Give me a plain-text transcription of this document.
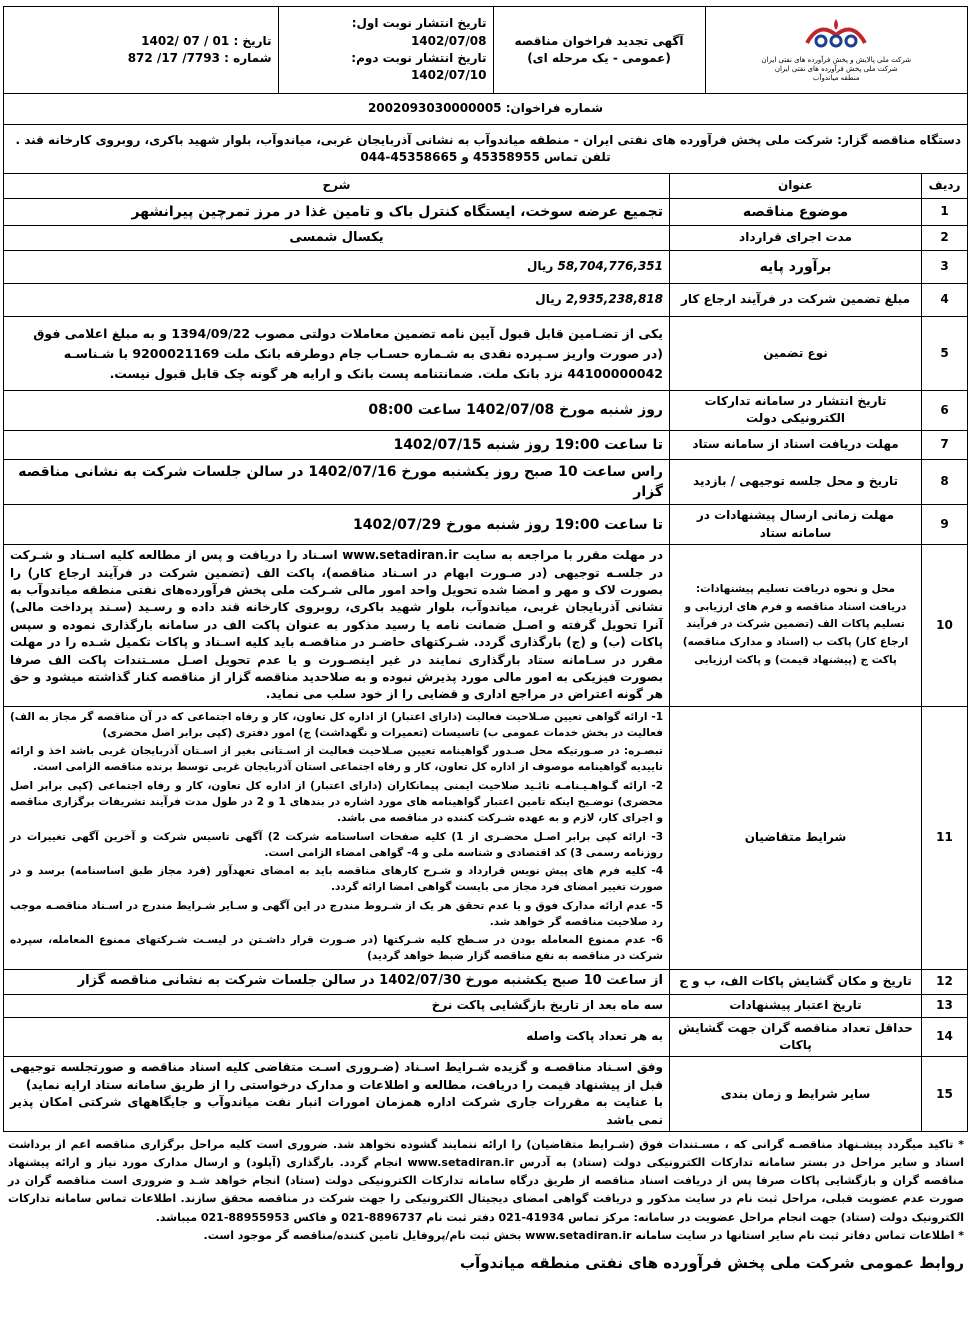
شرکت ملی پالایش و پخش فرآورده های نفتی ایران
شرکت ملی پخش فرآورده های نفتی ایران
منطقه میاندوآب

آگهی تجدید فراخوان مناقصه
(عمومی - یک مرحله ای)

تاریخ انتشار نوبت اول: 1402/07/08
تاریخ انتشار نوبت دوم: 1402/07/10

تاریخ : 1402/ 07 / 01
شماره : 872 /17 /7793

شماره فراخوان: 2002093030000005
دستگاه مناقصه گزار: شرکت ملی پخش فرآورده های نفتی ایران - منطقه میاندوآب به نشانی آذربایجان غربی، میاندوآب، بلوار شهید باکری، روبروی کارخانه قند .
تلفن تماس 45358955 و 45358665-044

ردیف	عنوان	شرح
1	موضوع مناقصه	تجمیع عرضه سوخت، ایستگاه کنترل باک و تامین غذا در مرز تمرچین پیرانشهر
2	مدت اجرای قرارداد	یکسال شمسی
3	برآورد پایه	58,704,776,351 ریال
4	مبلغ تضمین شرکت در فرآیند ارجاع کار	2,935,238,818 ریال
5	نوع تضمین	یکی از تضـامین قابل قبول آیین نامه تضمین معاملات دولتی مصوب 1394/09/22 و به مبلغ اعلامی فوق (در صورت واریز سـپرده نقدی به شـماره حسـاب جام دوطرفه بانک ملت 9200021169 با شـناسـه 44100000042 نزد بانک ملت. ضمانتنامه پست بانک و ارایه هر گونه چک قابل قبول نیست.
6	تاریخ انتشار در سامانه تدارکات الکترونیکی دولت	روز شنبه مورخ 1402/07/08 ساعت 08:00
7	مهلت دریافت اسناد از سامانه ستاد	تا ساعت 19:00 روز شنبه 1402/07/15
8	تاریخ و محل جلسه توجیهی / بازدید	راس ساعت 10 صبح روز یکشنبه مورخ 1402/07/16 در سالن جلسات شرکت به نشانی مناقصه گزار
9	مهلت زمانی ارسال پیشنهادات در سامانه ستاد	تا ساعت 19:00 روز شنبه مورخ 1402/07/29
10	محل و نحوه دریافت تسلیم پیشنهادات: دریافت اسناد مناقصه و فرم های ارزیابی و تسلیم پاکات الف (تضمین شرکت در فرآیند ارجاع کار) پاکت ب (اسناد و مدارک مناقصه) پاکت ج (پیشنهاد قیمت) و پاکت ارزیابی	در مهلت مقرر با مراجعه به سایت www.setadiran.ir اسـناد را دریافت و پس از مطالعه کلیه اسـناد و شـرکت در جلسـه توجیهی (در صـورت ابهام در اسـناد مناقصه)، پاکت الف (تضمین شرکت در فرآیند ارجاع کار) را بصورت لاک و مهر و امضا شده تحویل واحد امور مالی شـرکت ملی پخش فرآورده‌های نفتی منطقه میاندوآب به نشانی آذربایجان غربی، میاندوآب، بلوار شهید باکری، روبروی کارخانه قند داده و رسـید (سـند پرداخت مالی) آنرا تحویل گرفته و اصـل ضمانت نامه یا رسید مذکور به عنوان پاکت الف در سامانه بارگذاری نموده و سپس پاکات (ب) و (ج) بارگذاری گردد. شـرکتهای حاضـر در مناقصـه باید کلیه اسـناد و پاکات تکمیل شـده را در مهلت مقرر در سـامانه ستاد بارگذاری نمایند در غیر اینصـورت و یا عدم تحویل اصـل مسـتندات پاکت الف صرفا بصورت فیزیکی به امور مالی مورد پذیرش نبوده و به صلاحدید مناقصه گزار از مناقصه کنار گذاشته میشود و حق هر گونه اعتراض در مراجع اداری و قضایی را از خود سلب می نماید.
11	شرایط متقاضیان	

1- ارائه گواهی تعیین صـلاحیت فعالیت (دارای اعتبار) از اداره کل تعاون، کار و رفاه اجتماعی که در آن مناقصه گر مجاز به الف) فعالیت در بخش خدمات عمومی ب) تاسیسات (تعمیرات و نگهداشت) ج) امور دفتری (کپی برابر اصل محضری)

تبصـره: در صـورتیکه محل صـدور گواهینامه تعیین صـلاحیت فعالیت از اسـتانی بغیر از اسـتان آذربایجان غربی باشد اخذ و ارائه تاییدیه گواهینامه موصوف از اداره کل تعاون، کار و رفاه اجتماعی استان آذربایجان غربی توسط برنده مناقصه الزامی است.

2- ارائه گـواهـیـنامـه تائـید صلاحیت ایمنی پیمانکاران (دارای اعتبار) از اداره کل تعاون، کار و رفاه اجتماعی (کپی برابر اصل محضری) توضـیح اینکه تامین اعتبار گواهینامه های مورد اشاره در بندهای 1 و 2 در طول مدت فرآیند تشریفات برگزاری مناقصه و اجرای کار، لازم و به عهده شـرکت کننده در مناقصه می باشد.

3- ارائه کپی برابر اصـل محضـری از 1) کلیه صفحات اساسنامه شرکت 2) آگهی تاسیس شرکت و آخرین آگهی تغییرات در روزنامه رسمی 3) کد اقتصادی و شناسه ملی و 4- گواهی امضاء الزامی است.

4- کلیه فرم های پیش نویس قرارداد و شـرح کارهای مناقصه باید به امضای تعهدآور (فرد مجاز طبق اساسنامه) برسد و در صورت تغییر امضای فرد مجاز می بایست گواهی امضا ارائه گردد.

5- عدم ارائه مدارک فوق و یا عدم تحقق هر یک از شـروط مندرج در این آگهی و سـایر شـرایط مندرج در اسـناد مناقصـه موجب رد صلاحیت مناقصه گر خواهد شد.

6- عدم ممنوع المعامله بودن در سـطح کلیه شـرکتها (در صـورت قرار داشـتن در لیسـت شـرکتهای ممنوع المعامله، سپرده شرکت در مناقصه به نفع مناقصه گزار ضبط خواهد گردید)

12	تاریخ و مکان گشایش پاکات الف، ب و ج	از ساعت 10 صبح یکشنبه مورخ 1402/07/30 در سالن جلسات شرکت به نشانی مناقصه گزار
13	تاریخ اعتبار پیشنهادات	سه ماه بعد از تاریخ بازگشایی پاکت نرخ
14	حداقل تعداد مناقصه گران جهت گشایش پاکات	به هر تعداد پاکت واصله
15	سایر شرایط و زمان بندی	
وفق اسـناد مناقصـه و گزیده شـرایط اسـناد (ضـروری اسـت متقاضی کلیه اسناد مناقصه و صورتجلسه توجیهی قبل از پیشنهاد قیمت را دریافت، مطالعه و اطلاعات و مدارک درخواستی را از طریق سامانه ستاد ارایه نماید)
با عنایت به مقررات جاری شرکت اداره همزمان امورات انبار نفت میاندوآب و جایگاههای شرکتی امکان پذیر نمی باشد

* تاکید میگردد پیشـنهاد مناقصـه گرانی که ، مسـتندات فوق (شـرایط متقاضیان) را ارائه ننمایند گشوده نخواهد شد. ضروری است کلیه مراحل برگزاری مناقصه اعم از برداشت اسناد و سایر مراحل در بستر سامانه تدارکات الکترونیکی دولت (ستاد) به آدرس www.setadiran.ir انجام گردد. بارگذاری (آپلود) و ارسال مدارک مورد نیاز و ارائه پیشنهاد مناقصه گران و بازگشایی پاکات صرفا پس از دریافت اسناد مناقصه از طریق درگاه سامانه تدارکات الکترونیکی دولت (ستاد) انجام خواهد شـد و ضروری است مناقصه گران در صورت عدم عضویت قبلی، مراحل ثبت نام در سایت مذکور و دریافت گواهی امضای دیجیتال الکترونیکی را جهت شرکت در مناقصه محقق سازند. اطلاعات تماس سامانه تدارکات الکترونیک دولت (ستاد) جهت انجام مراحل عضویت در سامانه: مرکز تماس 41934-021 دفتر ثبت نام 8896737-021 و فاکس 88955953-021 میباشد.

* اطلاعات تماس دفاتر ثبت نام سایر استانها در سایت سامانه www.setadiran.ir بخش ثبت نام/پروفایل تامین کننده/مناقصه گر موجود است.

روابط عمومی شرکت ملی پخش فرآورده های نفتی منطقه میاندوآب
